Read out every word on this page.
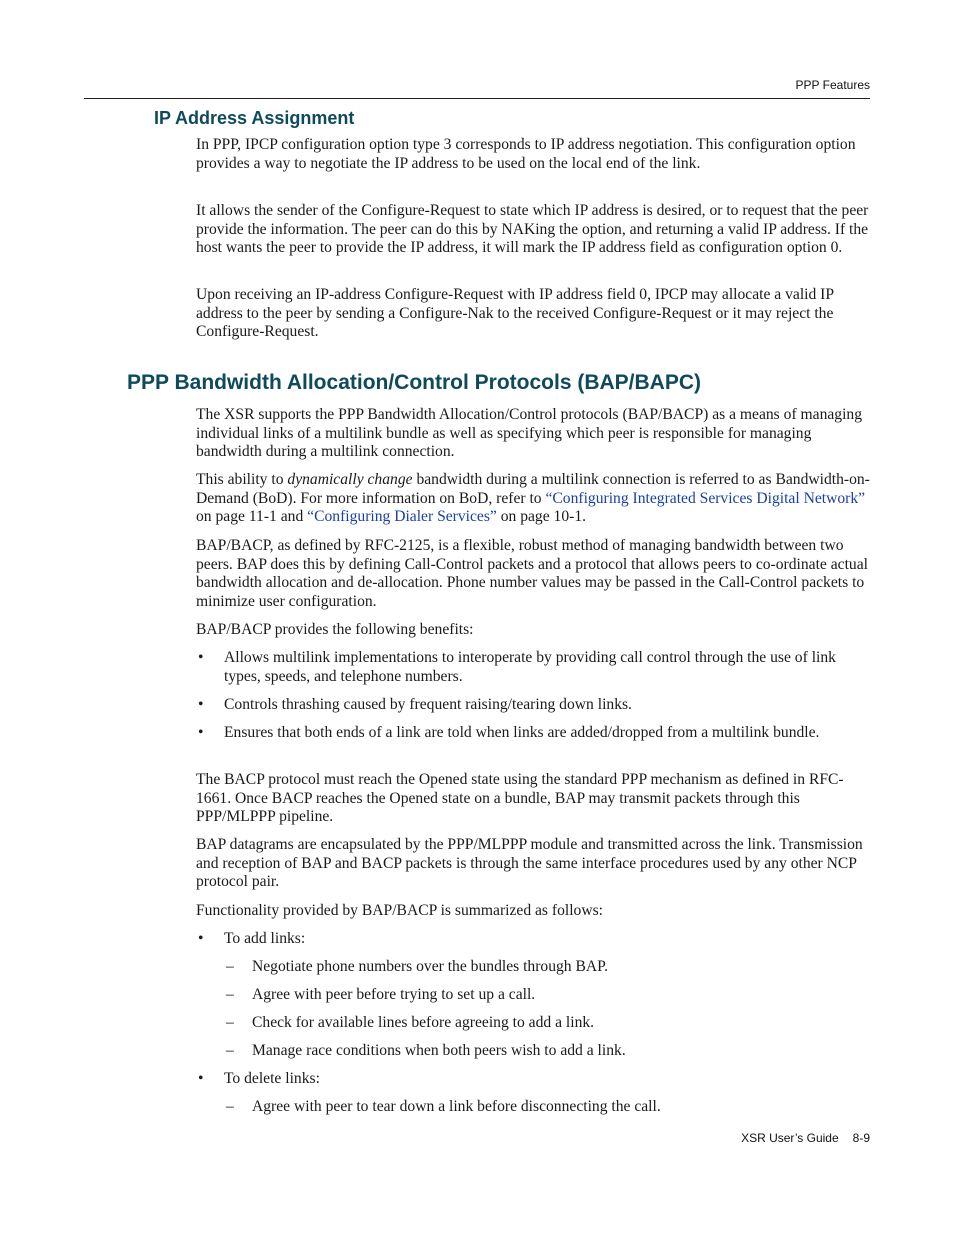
PPP Features
IP Address Assignment

In PPP, IPCP configuration option type 3 corresponds to IP address negotiation. This configuration option provides a way to negotiate the IP address to be used on the local end of the link.

It allows the sender of the Configure-Request to state which IP address is desired, or to request that the peer provide the information. The peer can do this by NAKing the option, and returning a valid IP address. If the host wants the peer to provide the IP address, it will mark the IP address field as configuration option 0.

Upon receiving an IP-address Configure-Request with IP address field 0, IPCP may allocate a valid IP address to the peer by sending a Configure-Nak to the received Configure-Request or it may reject the Configure-Request.

PPP Bandwidth Allocation/Control Protocols (BAP/BAPC)

The XSR supports the PPP Bandwidth Allocation/Control protocols (BAP/BACP) as a means of managing individual links of a multilink bundle as well as specifying which peer is responsible for managing bandwidth during a multilink connection.

This ability to dynamically change bandwidth during a multilink connection is referred to as Bandwidth-on-Demand (BoD). For more information on BoD, refer to “Configuring Integrated Services Digital Network” on page 11-1 and “Configuring Dialer Services” on page 10-1.

BAP/BACP, as defined by RFC-2125, is a flexible, robust method of managing bandwidth between two peers. BAP does this by defining Call-Control packets and a protocol that allows peers to co-ordinate actual bandwidth allocation and de-allocation. Phone number values may be passed in the Call-Control packets to minimize user configuration.

BAP/BACP provides the following benefits:

• Allows multilink implementations to interoperate by providing call control through the use of link types, speeds, and telephone numbers.

• Controls thrashing caused by frequent raising/tearing down links.

• Ensures that both ends of a link are told when links are added/dropped from a multilink bundle.

The BACP protocol must reach the Opened state using the standard PPP mechanism as defined in RFC-1661. Once BACP reaches the Opened state on a bundle, BAP may transmit packets through this PPP/MLPPP pipeline.

BAP datagrams are encapsulated by the PPP/MLPPP module and transmitted across the link. Transmission and reception of BAP and BACP packets is through the same interface procedures used by any other NCP protocol pair.

Functionality provided by BAP/BACP is summarized as follows:

• To add links:

– Negotiate phone numbers over the bundles through BAP.

– Agree with peer before trying to set up a call.

– Check for available lines before agreeing to add a link.

– Manage race conditions when both peers wish to add a link.

• To delete links:

– Agree with peer to tear down a link before disconnecting the call.

XSR User’s Guide 8-9
